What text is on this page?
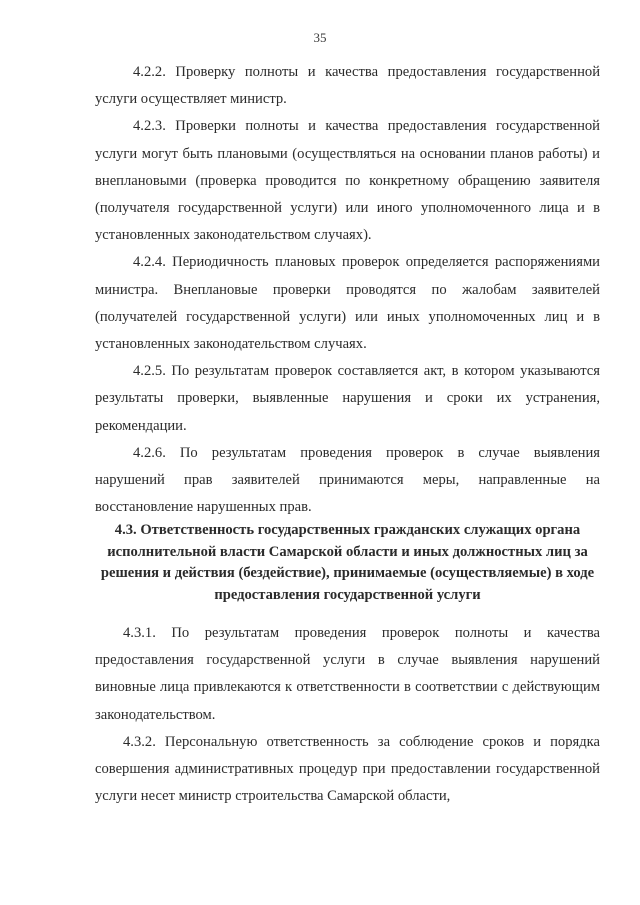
35

4.2.2. Проверку полноты и качества предоставления государственной услуги осуществляет министр.

4.2.3. Проверки полноты и качества предоставления государственной услуги могут быть плановыми (осуществляться на основании планов работы) и внеплановыми (проверка проводится по конкретному обращению заявителя (получателя государственной услуги) или иного уполномоченного лица и в установленных законодательством случаях).

4.2.4. Периодичность плановых проверок определяется распоряжениями министра. Внеплановые проверки проводятся по жалобам заявителей (получателей государственной услуги) или иных уполномоченных лиц и в установленных законодательством случаях.

4.2.5. По результатам проверок составляется акт, в котором указываются результаты проверки, выявленные нарушения и сроки их устранения, рекомендации.

4.2.6. По результатам проведения проверок в случае выявления нарушений прав заявителей принимаются меры, направленные на восстановление нарушенных прав.

4.3. Ответственность государственных гражданских служащих органа исполнительной власти Самарской области и иных должностных лиц за решения и действия (бездействие), принимаемые (осуществляемые) в ходе предоставления государственной услуги

4.3.1. По результатам проведения проверок полноты и качества предоставления государственной услуги в случае выявления нарушений виновные лица привлекаются к ответственности в соответствии с действующим законодательством.

4.3.2. Персональную ответственность за соблюдение сроков и порядка совершения административных процедур при предоставлении государственной услуги несет министр строительства Самарской области,
